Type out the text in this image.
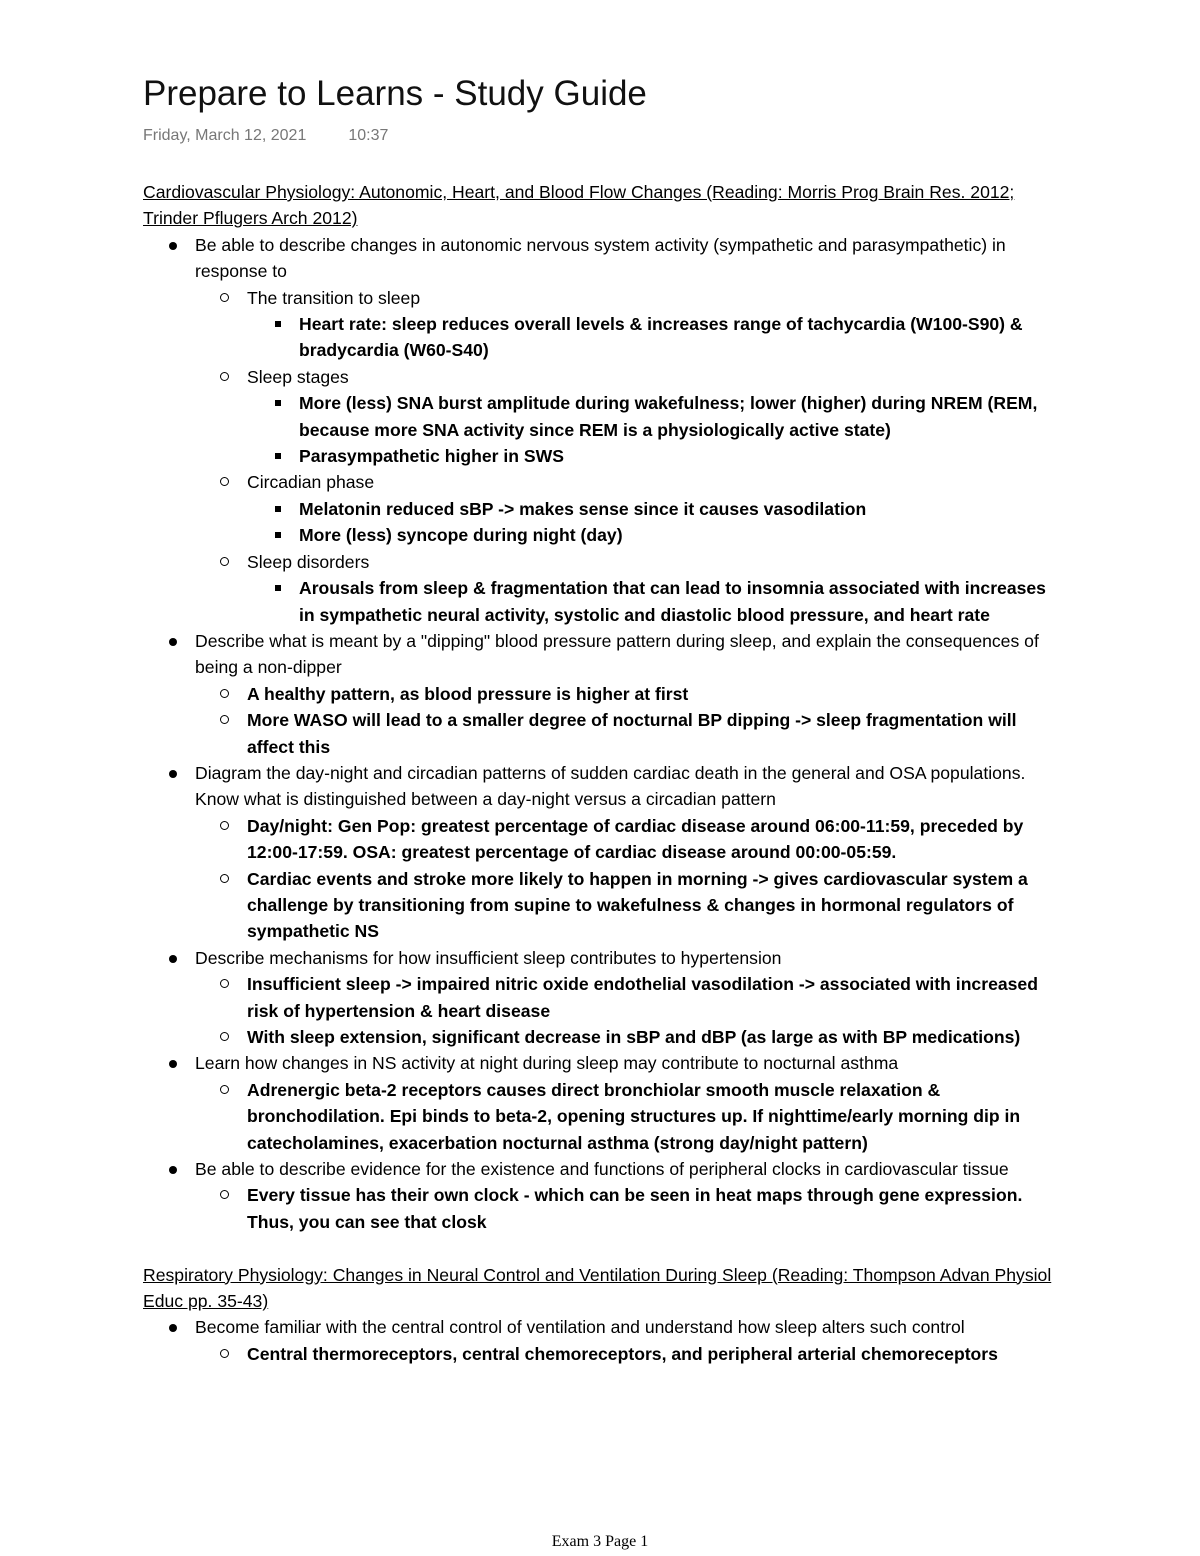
Prepare to Learns - Study Guide
Friday, March 12, 2021	10:37

Cardiovascular Physiology: Autonomic, Heart, and Blood Flow Changes (Reading: Morris Prog Brain Res. 2012; Trinder Pflugers Arch 2012)

Be able to describe changes in autonomic nervous system activity (sympathetic and parasympathetic) in response to
The transition to sleep
Heart rate: sleep reduces overall levels & increases range of tachycardia (W100-S90) & bradycardia (W60-S40)
Sleep stages
More (less) SNA burst amplitude during wakefulness; lower (higher) during NREM (REM, because more SNA activity since REM is a physiologically active state)
Parasympathetic higher in SWS
Circadian phase
Melatonin reduced sBP -> makes sense since it causes vasodilation
More (less) syncope during night (day)
Sleep disorders
Arousals from sleep & fragmentation that can lead to insomnia associated with increases in sympathetic neural activity, systolic and diastolic blood pressure, and heart rate
Describe what is meant by a "dipping" blood pressure pattern during sleep, and explain the consequences of being a non-dipper
A healthy pattern, as blood pressure is higher at first
More WASO will lead to a smaller degree of nocturnal BP dipping -> sleep fragmentation will affect this
Diagram the day-night and circadian patterns of sudden cardiac death in the general and OSA populations. Know what is distinguished between a day-night versus a circadian pattern
Day/night: Gen Pop: greatest percentage of cardiac disease around 06:00-11:59, preceded by 12:00-17:59. OSA: greatest percentage of cardiac disease around 00:00-05:59.
Cardiac events and stroke more likely to happen in morning -> gives cardiovascular system a challenge by transitioning from supine to wakefulness & changes in hormonal regulators of sympathetic NS
Describe mechanisms for how insufficient sleep contributes to hypertension
Insufficient sleep -> impaired nitric oxide endothelial vasodilation -> associated with increased risk of hypertension & heart disease
With sleep extension, significant decrease in sBP and dBP (as large as with BP medications)
Learn how changes in NS activity at night during sleep may contribute to nocturnal asthma
Adrenergic beta-2 receptors causes direct bronchiolar smooth muscle relaxation & bronchodilation. Epi binds to beta-2, opening structures up. If nighttime/early morning dip in catecholamines, exacerbation nocturnal asthma (strong day/night pattern)
Be able to describe evidence for the existence and functions of peripheral clocks in cardiovascular tissue
Every tissue has their own clock - which can be seen in heat maps through gene expression. Thus, you can see that closk

Respiratory Physiology: Changes in Neural Control and Ventilation During Sleep (Reading: Thompson Advan Physiol Educ pp. 35-43)

Become familiar with the central control of ventilation and understand how sleep alters such control
Central thermoreceptors, central chemoreceptors, and peripheral arterial chemoreceptors
Exam 3 Page 1
